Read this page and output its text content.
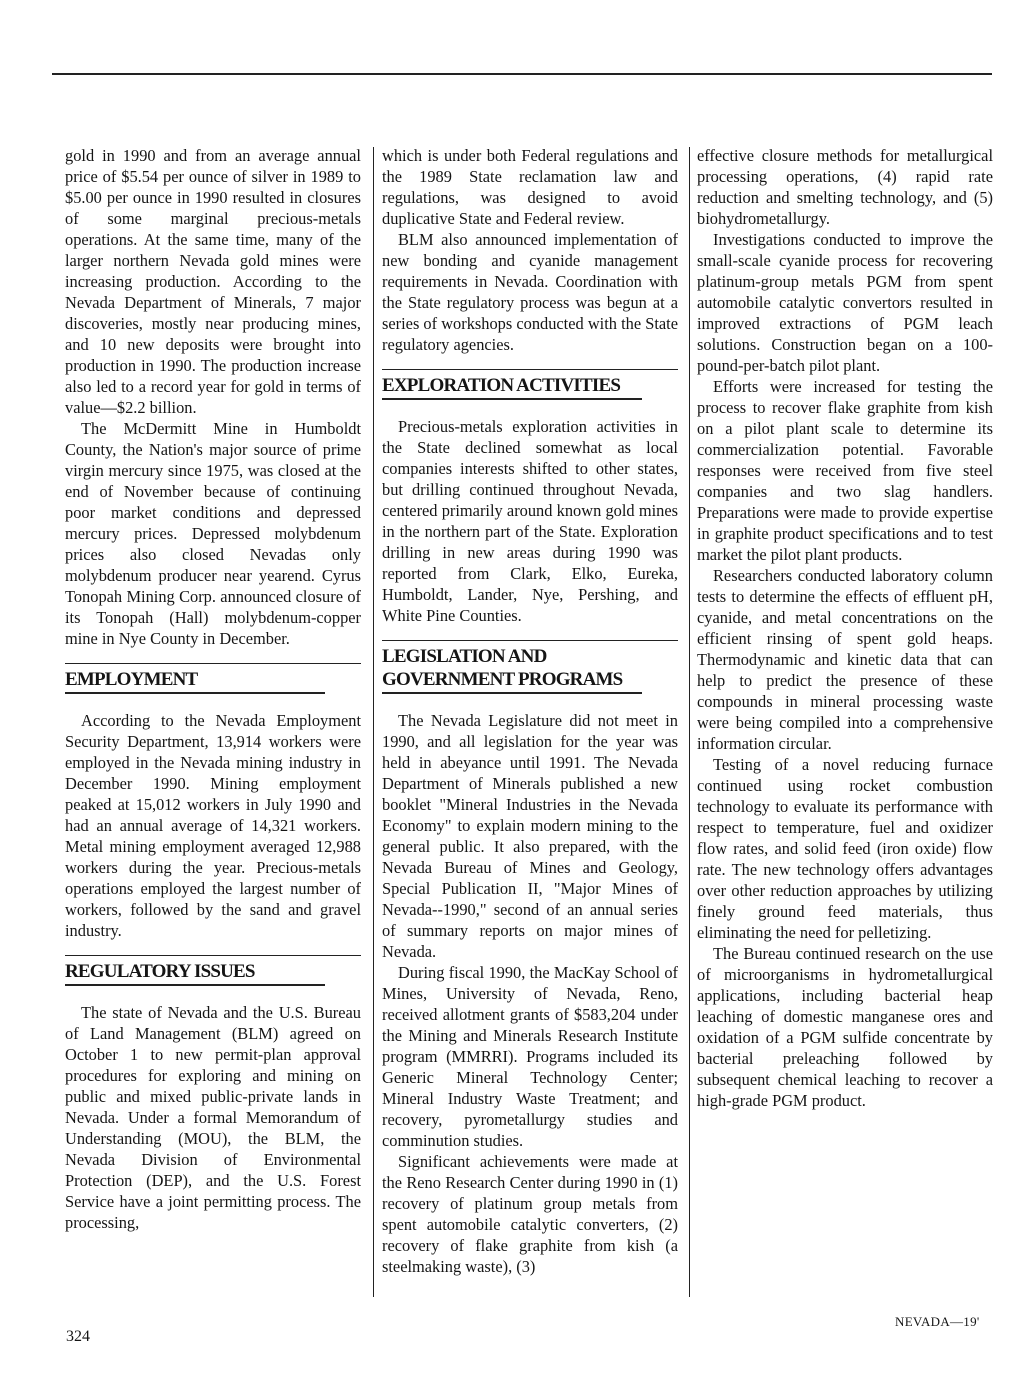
gold in 1990 and from an average annual price of $5.54 per ounce of silver in 1989 to $5.00 per ounce in 1990 resulted in closures of some marginal precious-metals operations. At the same time, many of the larger northern Nevada gold mines were increasing production. According to the Nevada Department of Minerals, 7 major discoveries, mostly near producing mines, and 10 new deposits were brought into production in 1990. The production increase also led to a record year for gold in terms of value—$2.2 billion.

The McDermitt Mine in Humboldt County, the Nation's major source of prime virgin mercury since 1975, was closed at the end of November because of continuing poor market conditions and depressed mercury prices. Depressed molybdenum prices also closed Nevadas only molybdenum producer near yearend. Cyrus Tonopah Mining Corp. announced closure of its Tonopah (Hall) molybdenum-copper mine in Nye County in December.

EMPLOYMENT

According to the Nevada Employment Security Department, 13,914 workers were employed in the Nevada mining industry in December 1990. Mining employment peaked at 15,012 workers in July 1990 and had an annual average of 14,321 workers. Metal mining employment averaged 12,988 workers during the year. Precious-metals operations employed the largest number of workers, followed by the sand and gravel industry.

REGULATORY ISSUES

The state of Nevada and the U.S. Bureau of Land Management (BLM) agreed on October 1 to new permit-plan approval procedures for exploring and mining on public and mixed public-private lands in Nevada. Under a formal Memorandum of Understanding (MOU), the BLM, the Nevada Division of Environmental Protection (DEP), and the U.S. Forest Service have a joint permitting process. The processing,

which is under both Federal regulations and the 1989 State reclamation law and regulations, was designed to avoid duplicative State and Federal review.

BLM also announced implementation of new bonding and cyanide management requirements in Nevada. Coordination with the State regulatory process was begun at a series of workshops conducted with the State regulatory agencies.

EXPLORATION ACTIVITIES

Precious-metals exploration activities in the State declined somewhat as local companies interests shifted to other states, but drilling continued throughout Nevada, centered primarily around known gold mines in the northern part of the State. Exploration drilling in new areas during 1990 was reported from Clark, Elko, Eureka, Humboldt, Lander, Nye, Pershing, and White Pine Counties.

LEGISLATION AND GOVERNMENT PROGRAMS

The Nevada Legislature did not meet in 1990, and all legislation for the year was held in abeyance until 1991. The Nevada Department of Minerals published a new booklet "Mineral Industries in the Nevada Economy" to explain modern mining to the general public. It also prepared, with the Nevada Bureau of Mines and Geology, Special Publication II, "Major Mines of Nevada--1990," second of an annual series of summary reports on major mines of Nevada.

During fiscal 1990, the MacKay School of Mines, University of Nevada, Reno, received allotment grants of $583,204 under the Mining and Minerals Research Institute program (MMRRI). Programs included its Generic Mineral Technology Center; Mineral Industry Waste Treatment; and recovery, pyrometallurgy studies and comminution studies.

Significant achievements were made at the Reno Research Center during 1990 in (1) recovery of platinum group metals from spent automobile catalytic converters, (2) recovery of flake graphite from kish (a steelmaking waste), (3)

effective closure methods for metallurgical processing operations, (4) rapid rate reduction and smelting technology, and (5) biohydrometallurgy.

Investigations conducted to improve the small-scale cyanide process for recovering platinum-group metals PGM from spent automobile catalytic convertors resulted in improved extractions of PGM leach solutions. Construction began on a 100-pound-per-batch pilot plant.

Efforts were increased for testing the process to recover flake graphite from kish on a pilot plant scale to determine its commercialization potential. Favorable responses were received from five steel companies and two slag handlers. Preparations were made to provide expertise in graphite product specifications and to test market the pilot plant products.

Researchers conducted laboratory column tests to determine the effects of effluent pH, cyanide, and metal concentrations on the efficient rinsing of spent gold heaps. Thermodynamic and kinetic data that can help to predict the presence of these compounds in mineral processing waste were being compiled into a comprehensive information circular.

Testing of a novel reducing furnace continued using rocket combustion technology to evaluate its performance with respect to temperature, fuel and oxidizer flow rates, and solid feed (iron oxide) flow rate. The new technology offers advantages over other reduction approaches by utilizing finely ground feed materials, thus eliminating the need for pelletizing.

The Bureau continued research on the use of microorganisms in hydrometallurgical applications, including bacterial heap leaching of domestic manganese ores and oxidation of a PGM sulfide concentrate by bacterial preleaching followed by subsequent chemical leaching to recover a high-grade PGM product.

324
NEVADA—19'
